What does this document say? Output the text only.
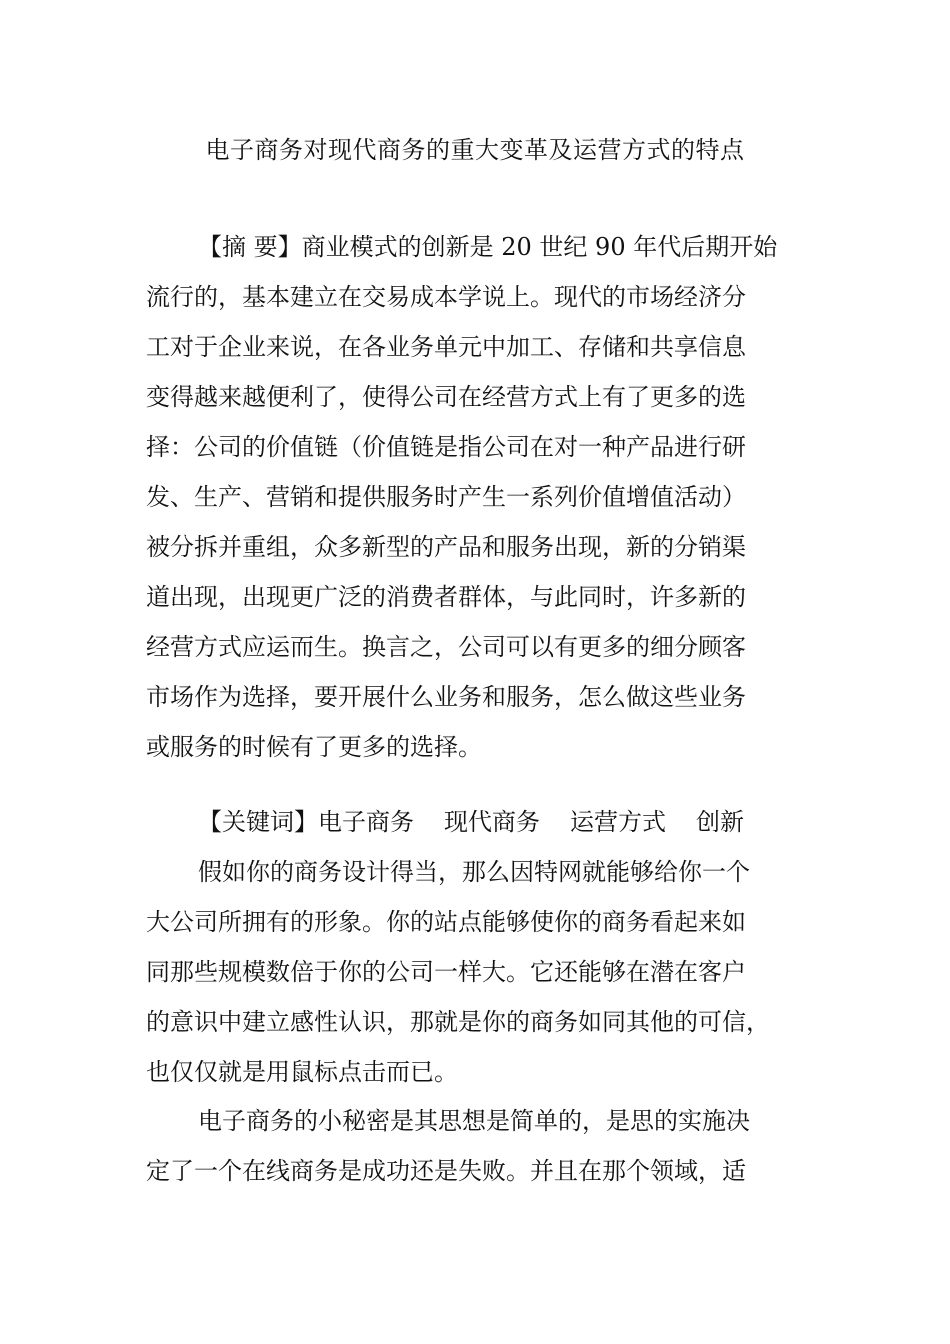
电子商务对现代商务的重大变革及运营方式的特点
【摘 要】商业模式的创新是 20 世纪 90 年代后期开始
流行的，基本建立在交易成本学说上。现代的市场经济分
工对于企业来说，在各业务单元中加工、存储和共享信息
变得越来越便利了，使得公司在经营方式上有了更多的选
择：公司的价值链（价值链是指公司在对一种产品进行研
发、生产、营销和提供服务时产生一系列价值增值活动）
被分拆并重组，众多新型的产品和服务出现，新的分销渠
道出现，出现更广泛的消费者群体，与此同时，许多新的
经营方式应运而生。换言之，公司可以有更多的细分顾客
市场作为选择，要开展什么业务和服务，怎么做这些业务
或服务的时候有了更多的选择。
【关键词】电子商务 现代商务 运营方式 创新
假如你的商务设计得当，那么因特网就能够给你一个
大公司所拥有的形象。你的站点能够使你的商务看起来如
同那些规模数倍于你的公司一样大。它还能够在潜在客户
的意识中建立感性认识，那就是你的商务如同其他的可信，
也仅仅就是用鼠标点击而已。
电子商务的小秘密是其思想是简单的，是思的实施决
定了一个在线商务是成功还是失败。并且在那个领域，适
